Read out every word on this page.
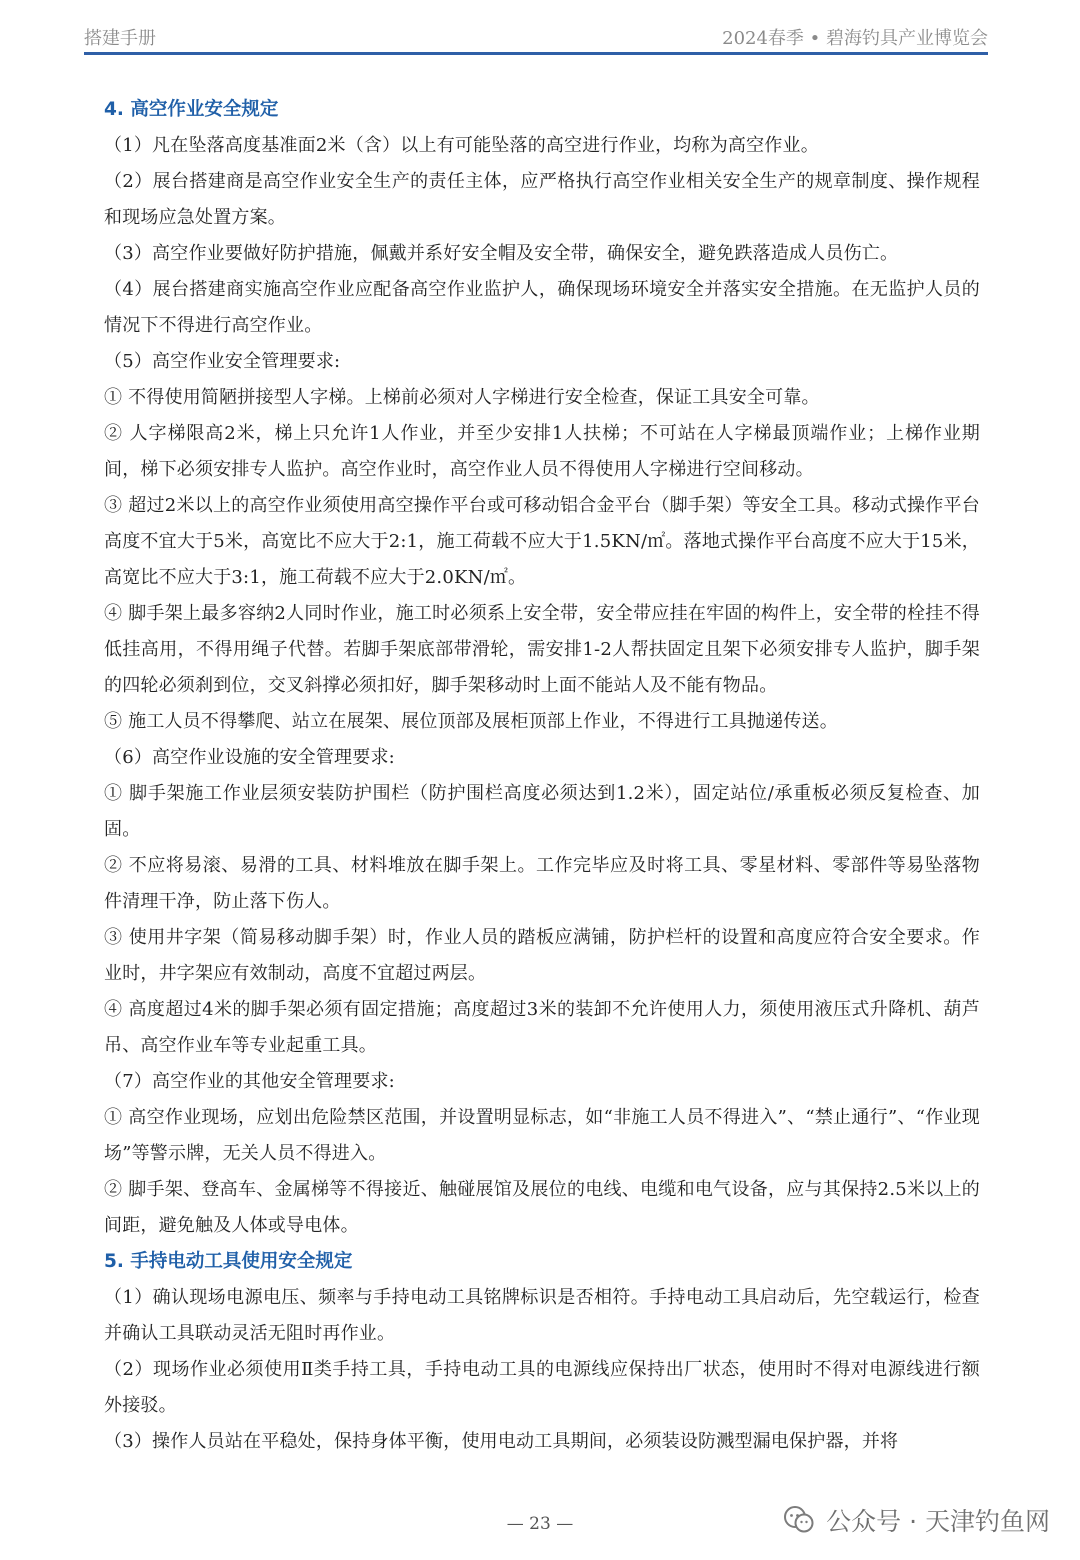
搭建手册	2024春季 • 碧海钓具产业博览会
4. 高空作业安全规定
（1）凡在坠落高度基准面2米（含）以上有可能坠落的高空进行作业，均称为高空作业。
（2）展台搭建商是高空作业安全生产的责任主体，应严格执行高空作业相关安全生产的规章制度、操作规程和现场应急处置方案。
（3）高空作业要做好防护措施，佩戴并系好安全帽及安全带，确保安全，避免跌落造成人员伤亡。
（4）展台搭建商实施高空作业应配备高空作业监护人，确保现场环境安全并落实安全措施。在无监护人员的情况下不得进行高空作业。
（5）高空作业安全管理要求:
① 不得使用简陋拼接型人字梯。上梯前必须对人字梯进行安全检查，保证工具安全可靠。
② 人字梯限高2米，梯上只允许1人作业，并至少安排1人扶梯；不可站在人字梯最顶端作业；上梯作业期间，梯下必须安排专人监护。高空作业时，高空作业人员不得使用人字梯进行空间移动。
③ 超过2米以上的高空作业须使用高空操作平台或可移动铝合金平台（脚手架）等安全工具。移动式操作平台高度不宜大于5米，高宽比不应大于2:1，施工荷载不应大于1.5KN/㎡。落地式操作平台高度不应大于15米，高宽比不应大于3:1，施工荷载不应大于2.0KN/㎡。
④ 脚手架上最多容纳2人同时作业，施工时必须系上安全带，安全带应挂在牢固的构件上，安全带的栓挂不得低挂高用，不得用绳子代替。若脚手架底部带滑轮，需安排1-2人帮扶固定且架下必须安排专人监护，脚手架的四轮必须刹到位，交叉斜撑必须扣好，脚手架移动时上面不能站人及不能有物品。
⑤ 施工人员不得攀爬、站立在展架、展位顶部及展柜顶部上作业，不得进行工具抛递传送。
（6）高空作业设施的安全管理要求:
① 脚手架施工作业层须安装防护围栏（防护围栏高度必须达到1.2米），固定站位/承重板必须反复检查、加固。
② 不应将易滚、易滑的工具、材料堆放在脚手架上。工作完毕应及时将工具、零星材料、零部件等易坠落物件清理干净，防止落下伤人。
③ 使用井字架（简易移动脚手架）时，作业人员的踏板应满铺，防护栏杆的设置和高度应符合安全要求。作业时，井字架应有效制动，高度不宜超过两层。
④ 高度超过4米的脚手架必须有固定措施；高度超过3米的装卸不允许使用人力，须使用液压式升降机、葫芦吊、高空作业车等专业起重工具。
（7）高空作业的其他安全管理要求:
① 高空作业现场，应划出危险禁区范围，并设置明显标志，如“非施工人员不得进入”、“禁止通行”、“作业现场”等警示牌，无关人员不得进入。
② 脚手架、登高车、金属梯等不得接近、触碰展馆及展位的电线、电缆和电气设备，应与其保持2.5米以上的间距，避免触及人体或导电体。
5. 手持电动工具使用安全规定
（1）确认现场电源电压、频率与手持电动工具铭牌标识是否相符。手持电动工具启动后，先空载运行，检查并确认工具联动灵活无阻时再作业。
（2）现场作业必须使用Ⅱ类手持工具，手持电动工具的电源线应保持出厂状态，使用时不得对电源线进行额外接驳。
（3）操作人员站在平稳处，保持身体平衡，使用电动工具期间，必须装设防溅型漏电保护器，并将
— 23 —	公众号 · 天津钓鱼网
